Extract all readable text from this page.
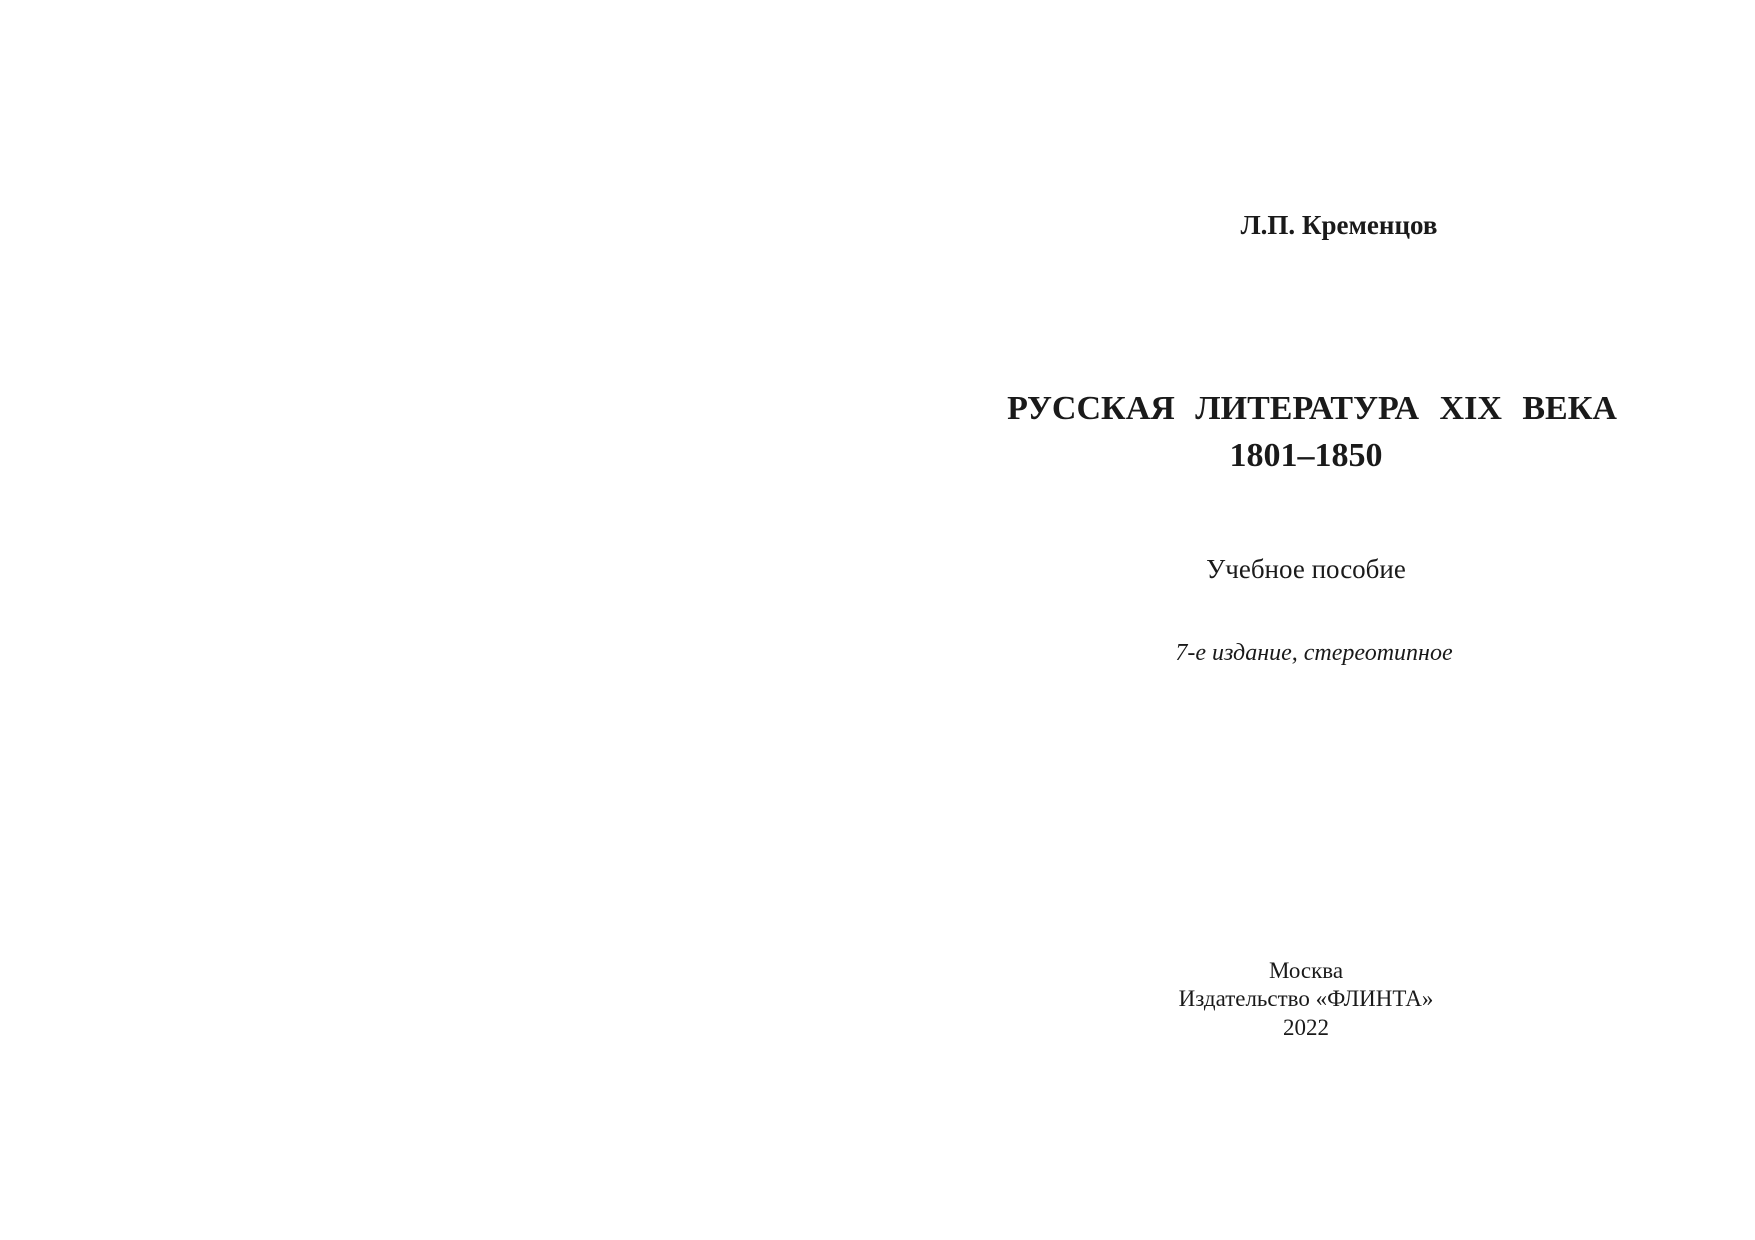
Л.П. Кременцов
РУССКАЯ ЛИТЕРАТУРА XIX ВЕКА
1801–1850
Учебное пособие
7-е издание, стереотипное
Москва
Издательство «ФЛИНТА»
2022
